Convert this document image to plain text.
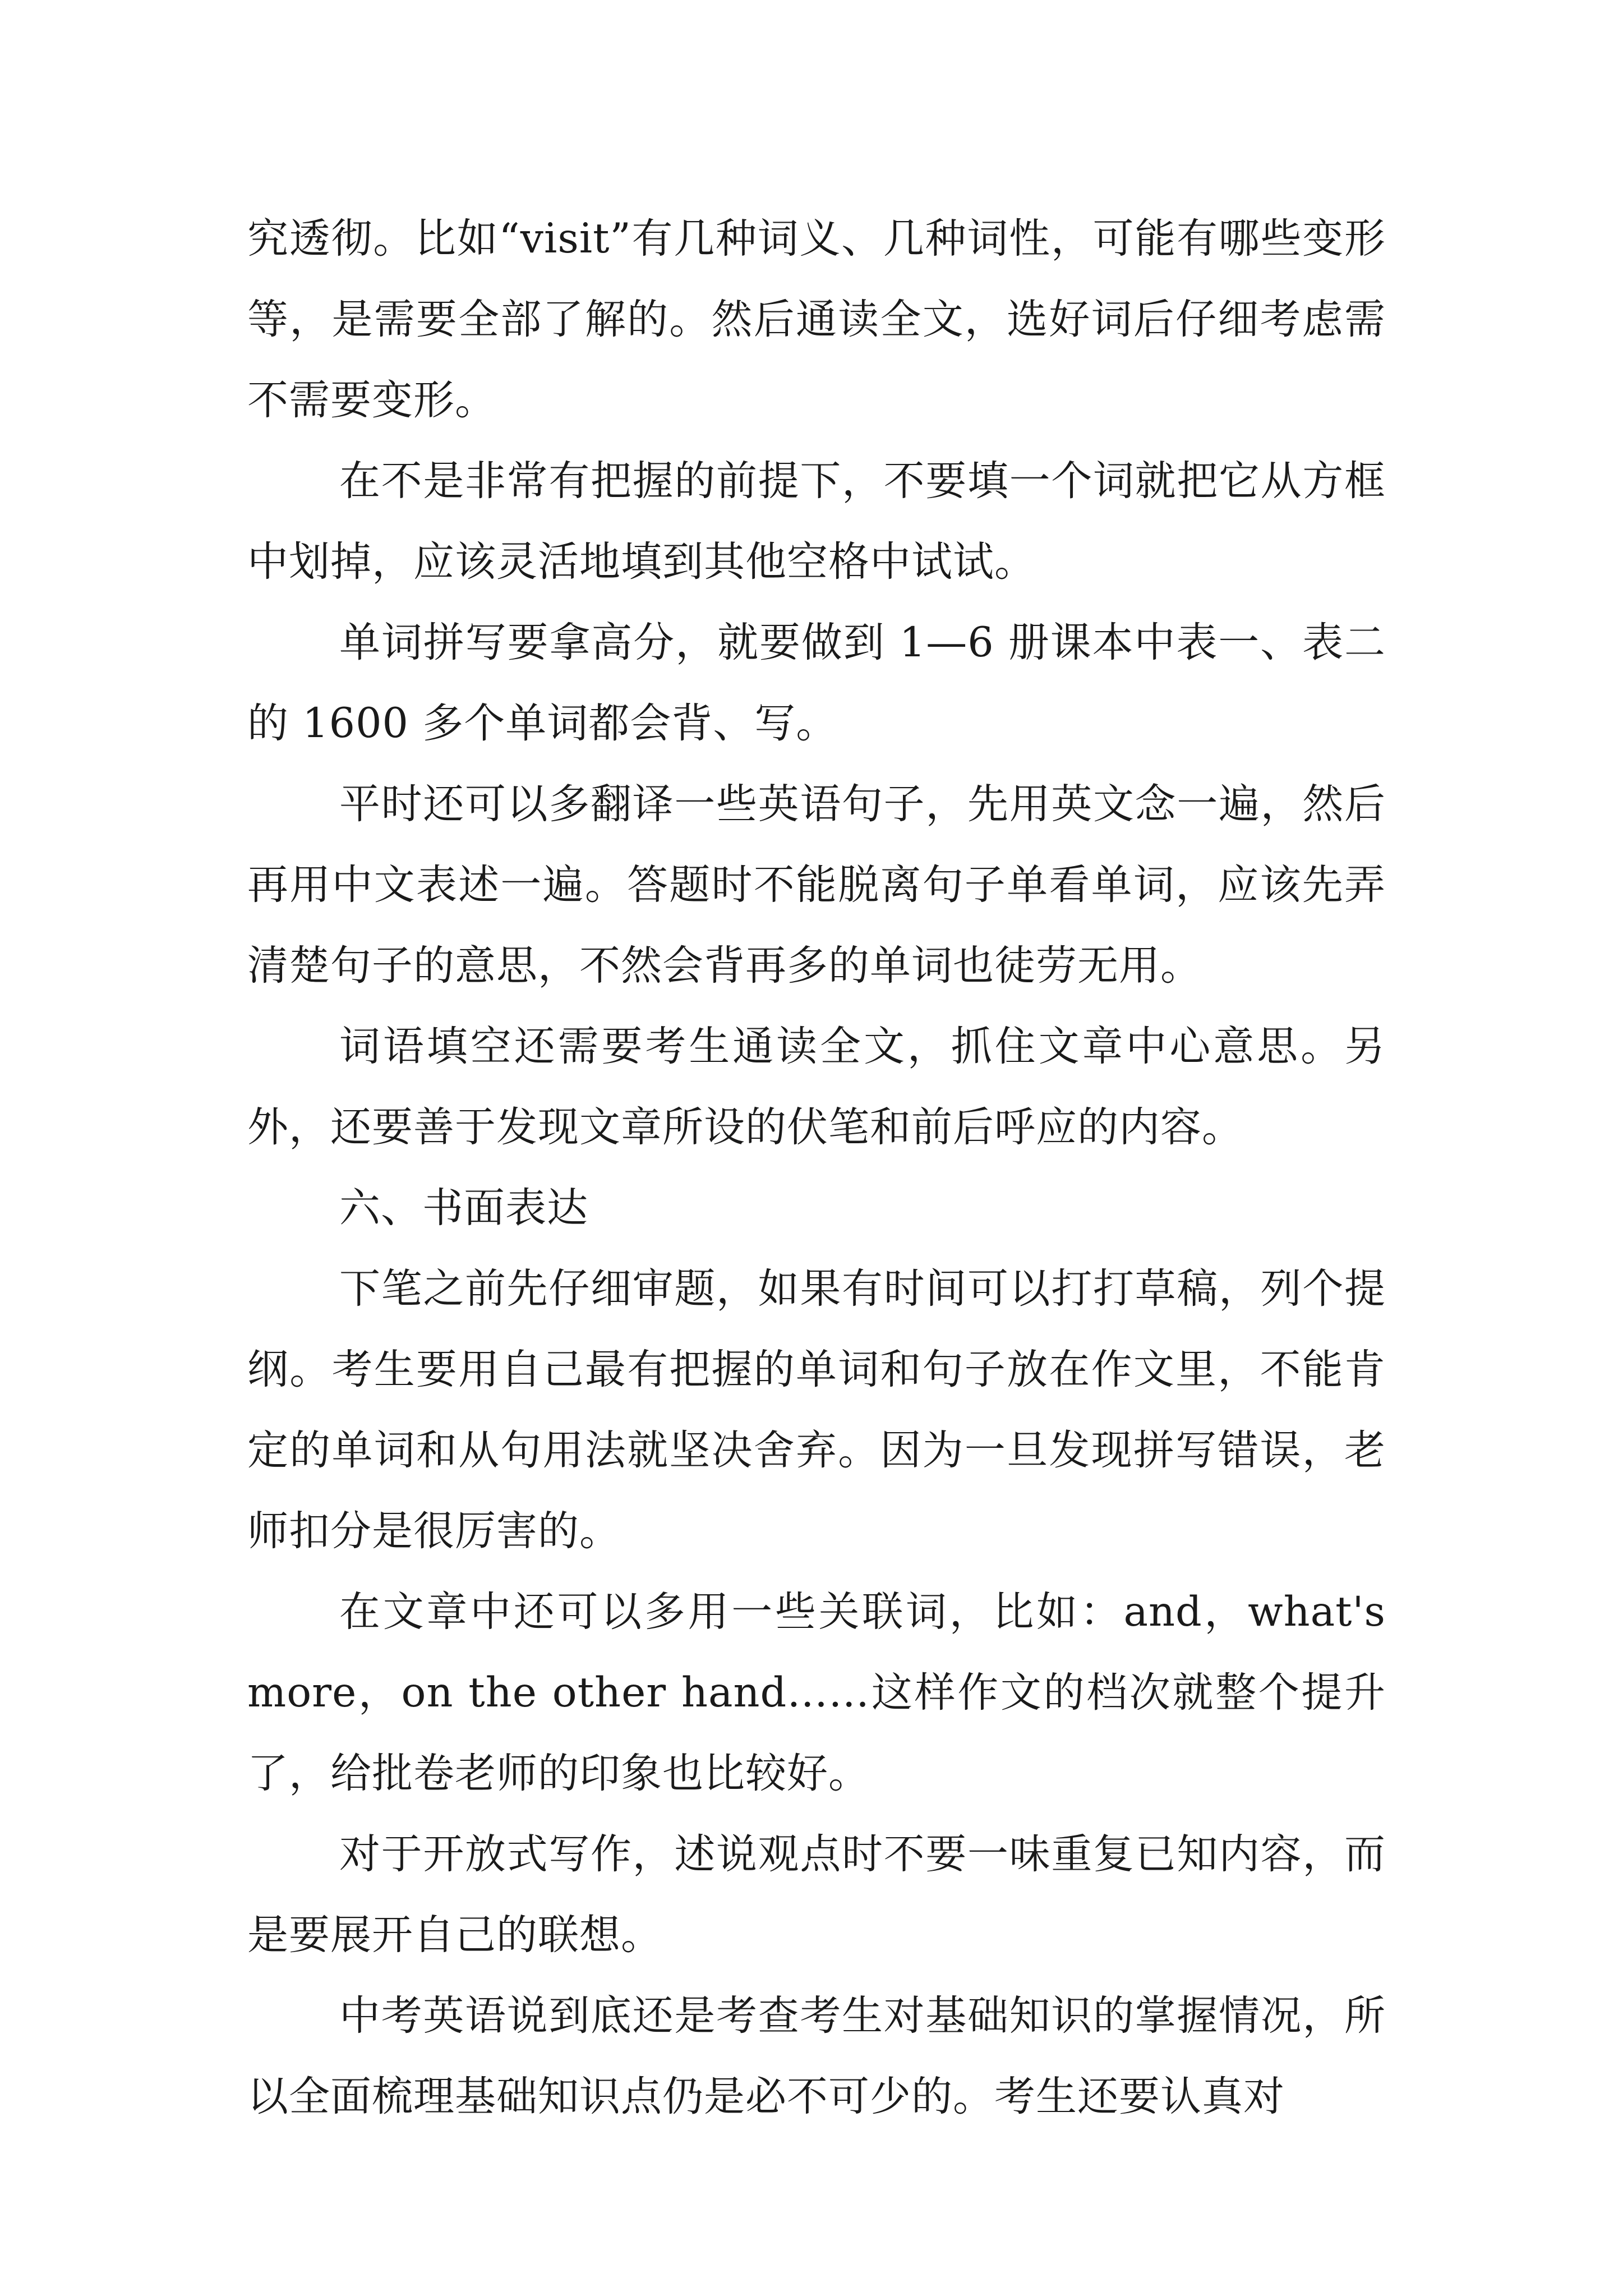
究透彻。比如“visit”有几种词义、几种词性，可能有哪些变形等，是需要全部了解的。然后通读全文，选好词后仔细考虑需不需要变形。

在不是非常有把握的前提下，不要填一个词就把它从方框中划掉，应该灵活地填到其他空格中试试。

单词拼写要拿高分，就要做到 1—6 册课本中表一、表二的 1600 多个单词都会背、写。

平时还可以多翻译一些英语句子，先用英文念一遍，然后再用中文表述一遍。答题时不能脱离句子单看单词，应该先弄清楚句子的意思，不然会背再多的单词也徒劳无用。

词语填空还需要考生通读全文，抓住文章中心意思。另外，还要善于发现文章所设的伏笔和前后呼应的内容。

六、书面表达

下笔之前先仔细审题，如果有时间可以打打草稿，列个提纲。考生要用自己最有把握的单词和句子放在作文里，不能肯定的单词和从句用法就坚决舍弃。因为一旦发现拼写错误，老师扣分是很厉害的。

在文章中还可以多用一些关联词，比如：and，what's more，on the other hand……这样作文的档次就整个提升了，给批卷老师的印象也比较好。

对于开放式写作，述说观点时不要一味重复已知内容，而是要展开自己的联想。

中考英语说到底还是考查考生对基础知识的掌握情况，所以全面梳理基础知识点仍是必不可少的。考生还要认真对
